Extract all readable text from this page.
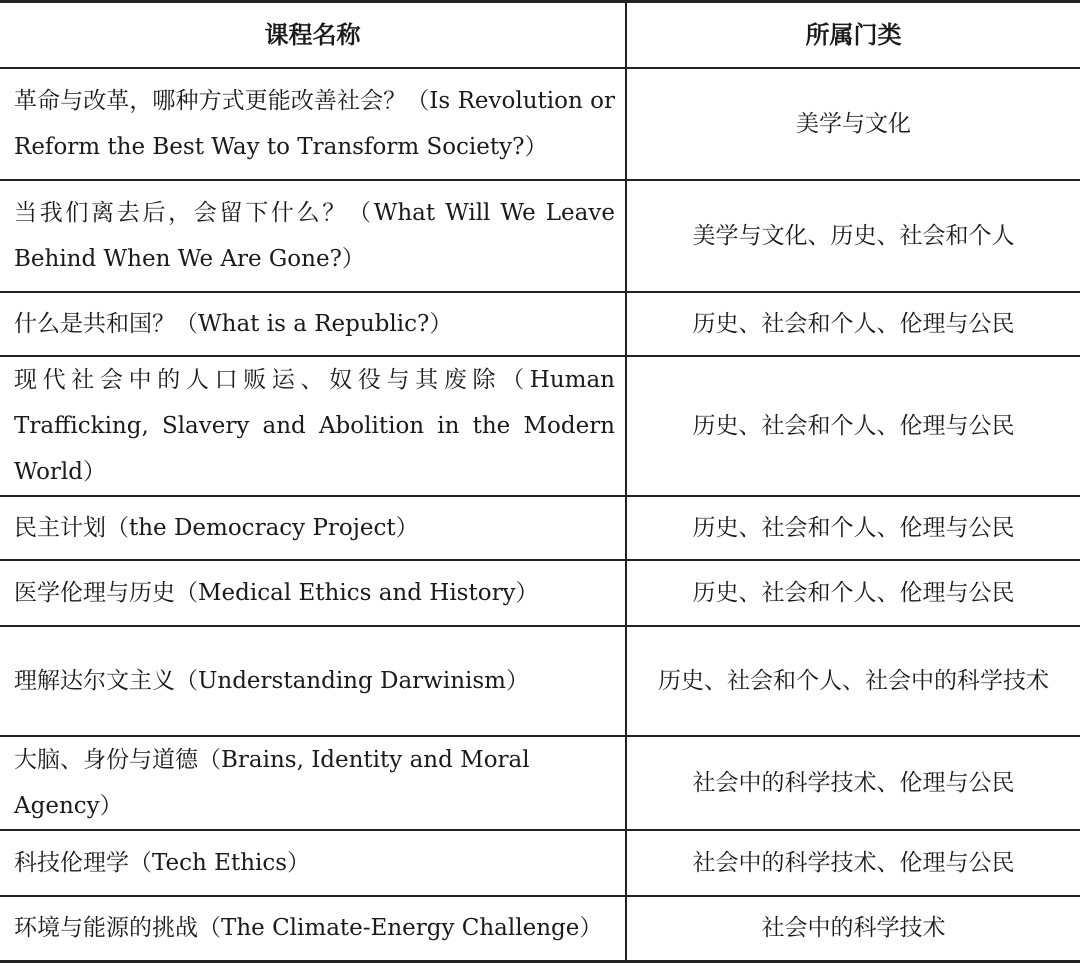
课程名称	所属门类
革命与改革，哪种方式更能改善社会？（Is Revolution or Reform the Best Way to Transform Society?）	美学与文化
当我们离去后，会留下什么？（What Will We Leave Behind When We Are Gone?）	美学与文化、历史、社会和个人
什么是共和国？（What is a Republic?）	历史、社会和个人、伦理与公民
现代社会中的人口贩运、奴役与其废除（Human Trafficking, Slavery and Abolition in the Modern World）	历史、社会和个人、伦理与公民
民主计划（the Democracy Project）	历史、社会和个人、伦理与公民
医学伦理与历史（Medical Ethics and History）	历史、社会和个人、伦理与公民
理解达尔文主义（Understanding Darwinism）	历史、社会和个人、社会中的科学技术
大脑、身份与道德（Brains, Identity and Moral Agency）	社会中的科学技术、伦理与公民
科技伦理学（Tech Ethics）	社会中的科学技术、伦理与公民
环境与能源的挑战（The Climate-Energy Challenge）	社会中的科学技术
